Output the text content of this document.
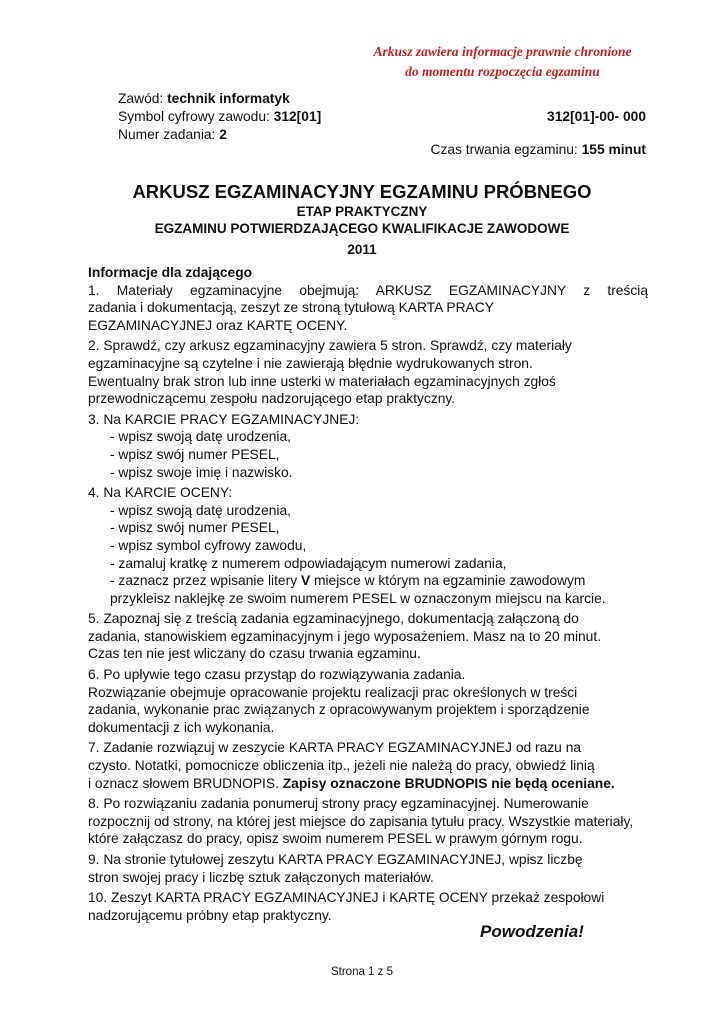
Arkusz zawiera informacje prawnie chronione
do momentu rozpoczęcia egzaminu
Zawód: technik informatyk
Symbol cyfrowy zawodu: 312[01]
Numer zadania: 2
312[01]-00- 000
Czas trwania egzaminu: 155 minut
ARKUSZ EGZAMINACYJNY EGZAMINU PRÓBNEGO
ETAP PRAKTYCZNY
EGZAMINU POTWIERDZAJĄCEGO KWALIFIKACJE ZAWODOWE
2011

Informacje dla zdającego

1. Materiały egzaminacyjne obejmują: ARKUSZ EGZAMINACYJNY z treścią

zadania i dokumentacją, zeszyt ze stroną tytułową KARTA PRACY

EGZAMINACYJNEJ oraz KARTĘ OCENY.

2. Sprawdź, czy arkusz egzaminacyjny zawiera 5 stron. Sprawdź, czy materiały

egzaminacyjne są czytelne i nie zawierają błędnie wydrukowanych stron.

Ewentualny brak stron lub inne usterki w materiałach egzaminacyjnych zgłoś

przewodniczącemu zespołu nadzorującego etap praktyczny.

3. Na KARCIE PRACY EGZAMINACYJNEJ:

- wpisz swoją datę urodzenia,

- wpisz swój numer PESEL,

- wpisz swoje imię i nazwisko.

4. Na KARCIE OCENY:

- wpisz swoją datę urodzenia,

- wpisz swój numer PESEL,

- wpisz symbol cyfrowy zawodu,

- zamaluj kratkę z numerem odpowiadającym numerowi zadania,

- zaznacz przez wpisanie litery V miejsce w którym na egzaminie zawodowym

przykleisz naklejkę ze swoim numerem PESEL w oznaczonym miejscu na karcie.

5. Zapoznaj się z treścią zadania egzaminacyjnego, dokumentacją załączoną do

zadania, stanowiskiem egzaminacyjnym i jego wyposażeniem. Masz na to 20 minut.

Czas ten nie jest wliczany do czasu trwania egzaminu.

6. Po upływie tego czasu przystąp do rozwiązywania zadania.

Rozwiązanie obejmuje opracowanie projektu realizacji prac określonych w treści

zadania, wykonanie prac związanych z opracowywanym projektem i sporządzenie

dokumentacji z ich wykonania.

7. Zadanie rozwiązuj w zeszycie KARTA PRACY EGZAMINACYJNEJ od razu na

czysto. Notatki, pomocnicze obliczenia itp., jeżeli nie należą do pracy, obwiedź linią

i oznacz słowem BRUDNOPIS. Zapisy oznaczone BRUDNOPIS nie będą oceniane.

8. Po rozwiązaniu zadania ponumeruj strony pracy egzaminacyjnej. Numerowanie

rozpocznij od strony, na której jest miejsce do zapisania tytułu pracy. Wszystkie materiały,

które załączasz do pracy, opisz swoim numerem PESEL w prawym górnym rogu.

9. Na stronie tytułowej zeszytu KARTA PRACY EGZAMINACYJNEJ, wpisz liczbę

stron swojej pracy i liczbę sztuk załączonych materiałów.

10. Zeszyt KARTA PRACY EGZAMINACYJNEJ i KARTĘ OCENY przekaż zespołowi

nadzorującemu próbny etap praktyczny.

Powodzenia!
Strona 1 z 5
